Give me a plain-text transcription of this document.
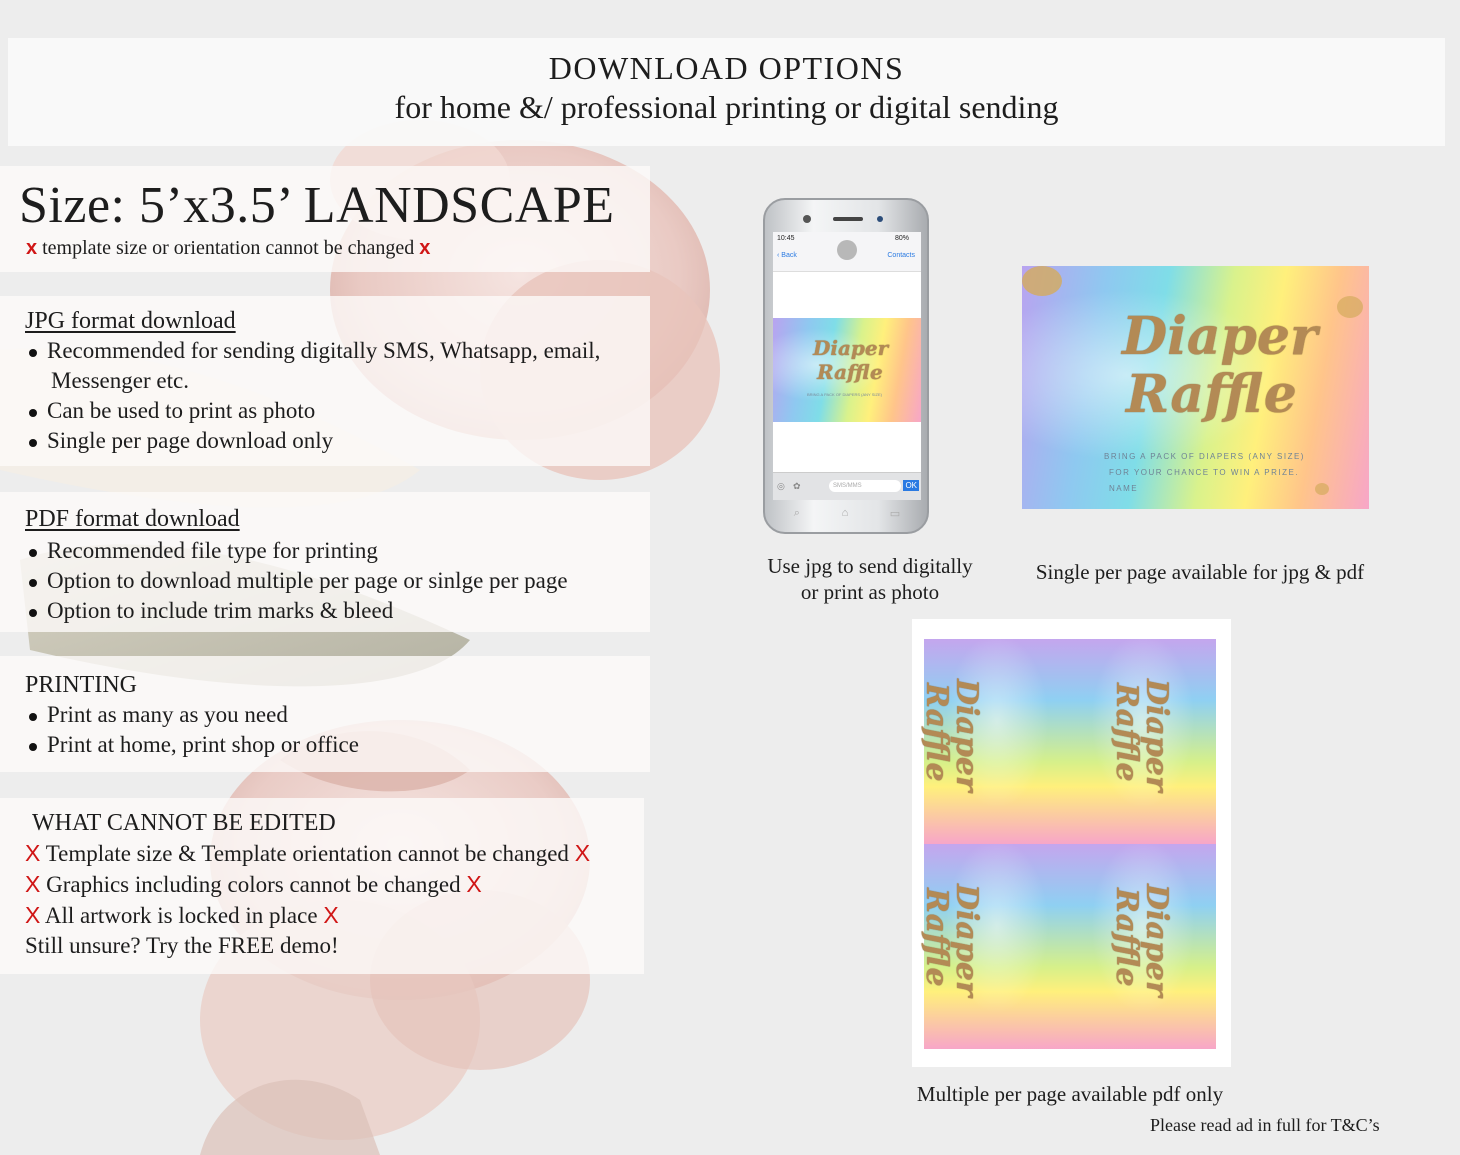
DOWNLOAD OPTIONS
for home &/ professional printing or digital sending
Size: 5’x3.5’ LANDSCAPE
x template size or orientation cannot be changed x
JPG format download
Recommended for sending digitally SMS, Whatsapp, email,
Messenger etc.
Can be used to print as photo
Single per page download only
PDF format download
Recommended file type for printing
Option to download multiple per page or sinlge per page
Option to include trim marks & bleed
PRINTING
Print as many as you need
Print at home, print shop or office
WHAT CANNOT BE EDITED
X Template size & Template orientation cannot be changed X
X Graphics including colors cannot be changed X
X All artwork is locked in place X
Still unsure? Try the FREE demo!
10:45	80%
‹ Back	Contacts
Diaper
Raffle
BRING A PACK OF DIAPERS (ANY SIZE)
◎ ✿	SMS/MMS	OK
⌕	⌂	▭
Use jpg to send digitally
or print as photo
Diaper
Raffle
BRING A PACK OF DIAPERS (ANY SIZE)
FOR YOUR CHANCE TO WIN A PRIZE.
NAME
Single per page available for jpg & pdf
Diaper
Raffle	Diaper
Raffle
Diaper
Raffle	Diaper
Raffle
Multiple per page available pdf only
Please read ad in full for T&C’s
